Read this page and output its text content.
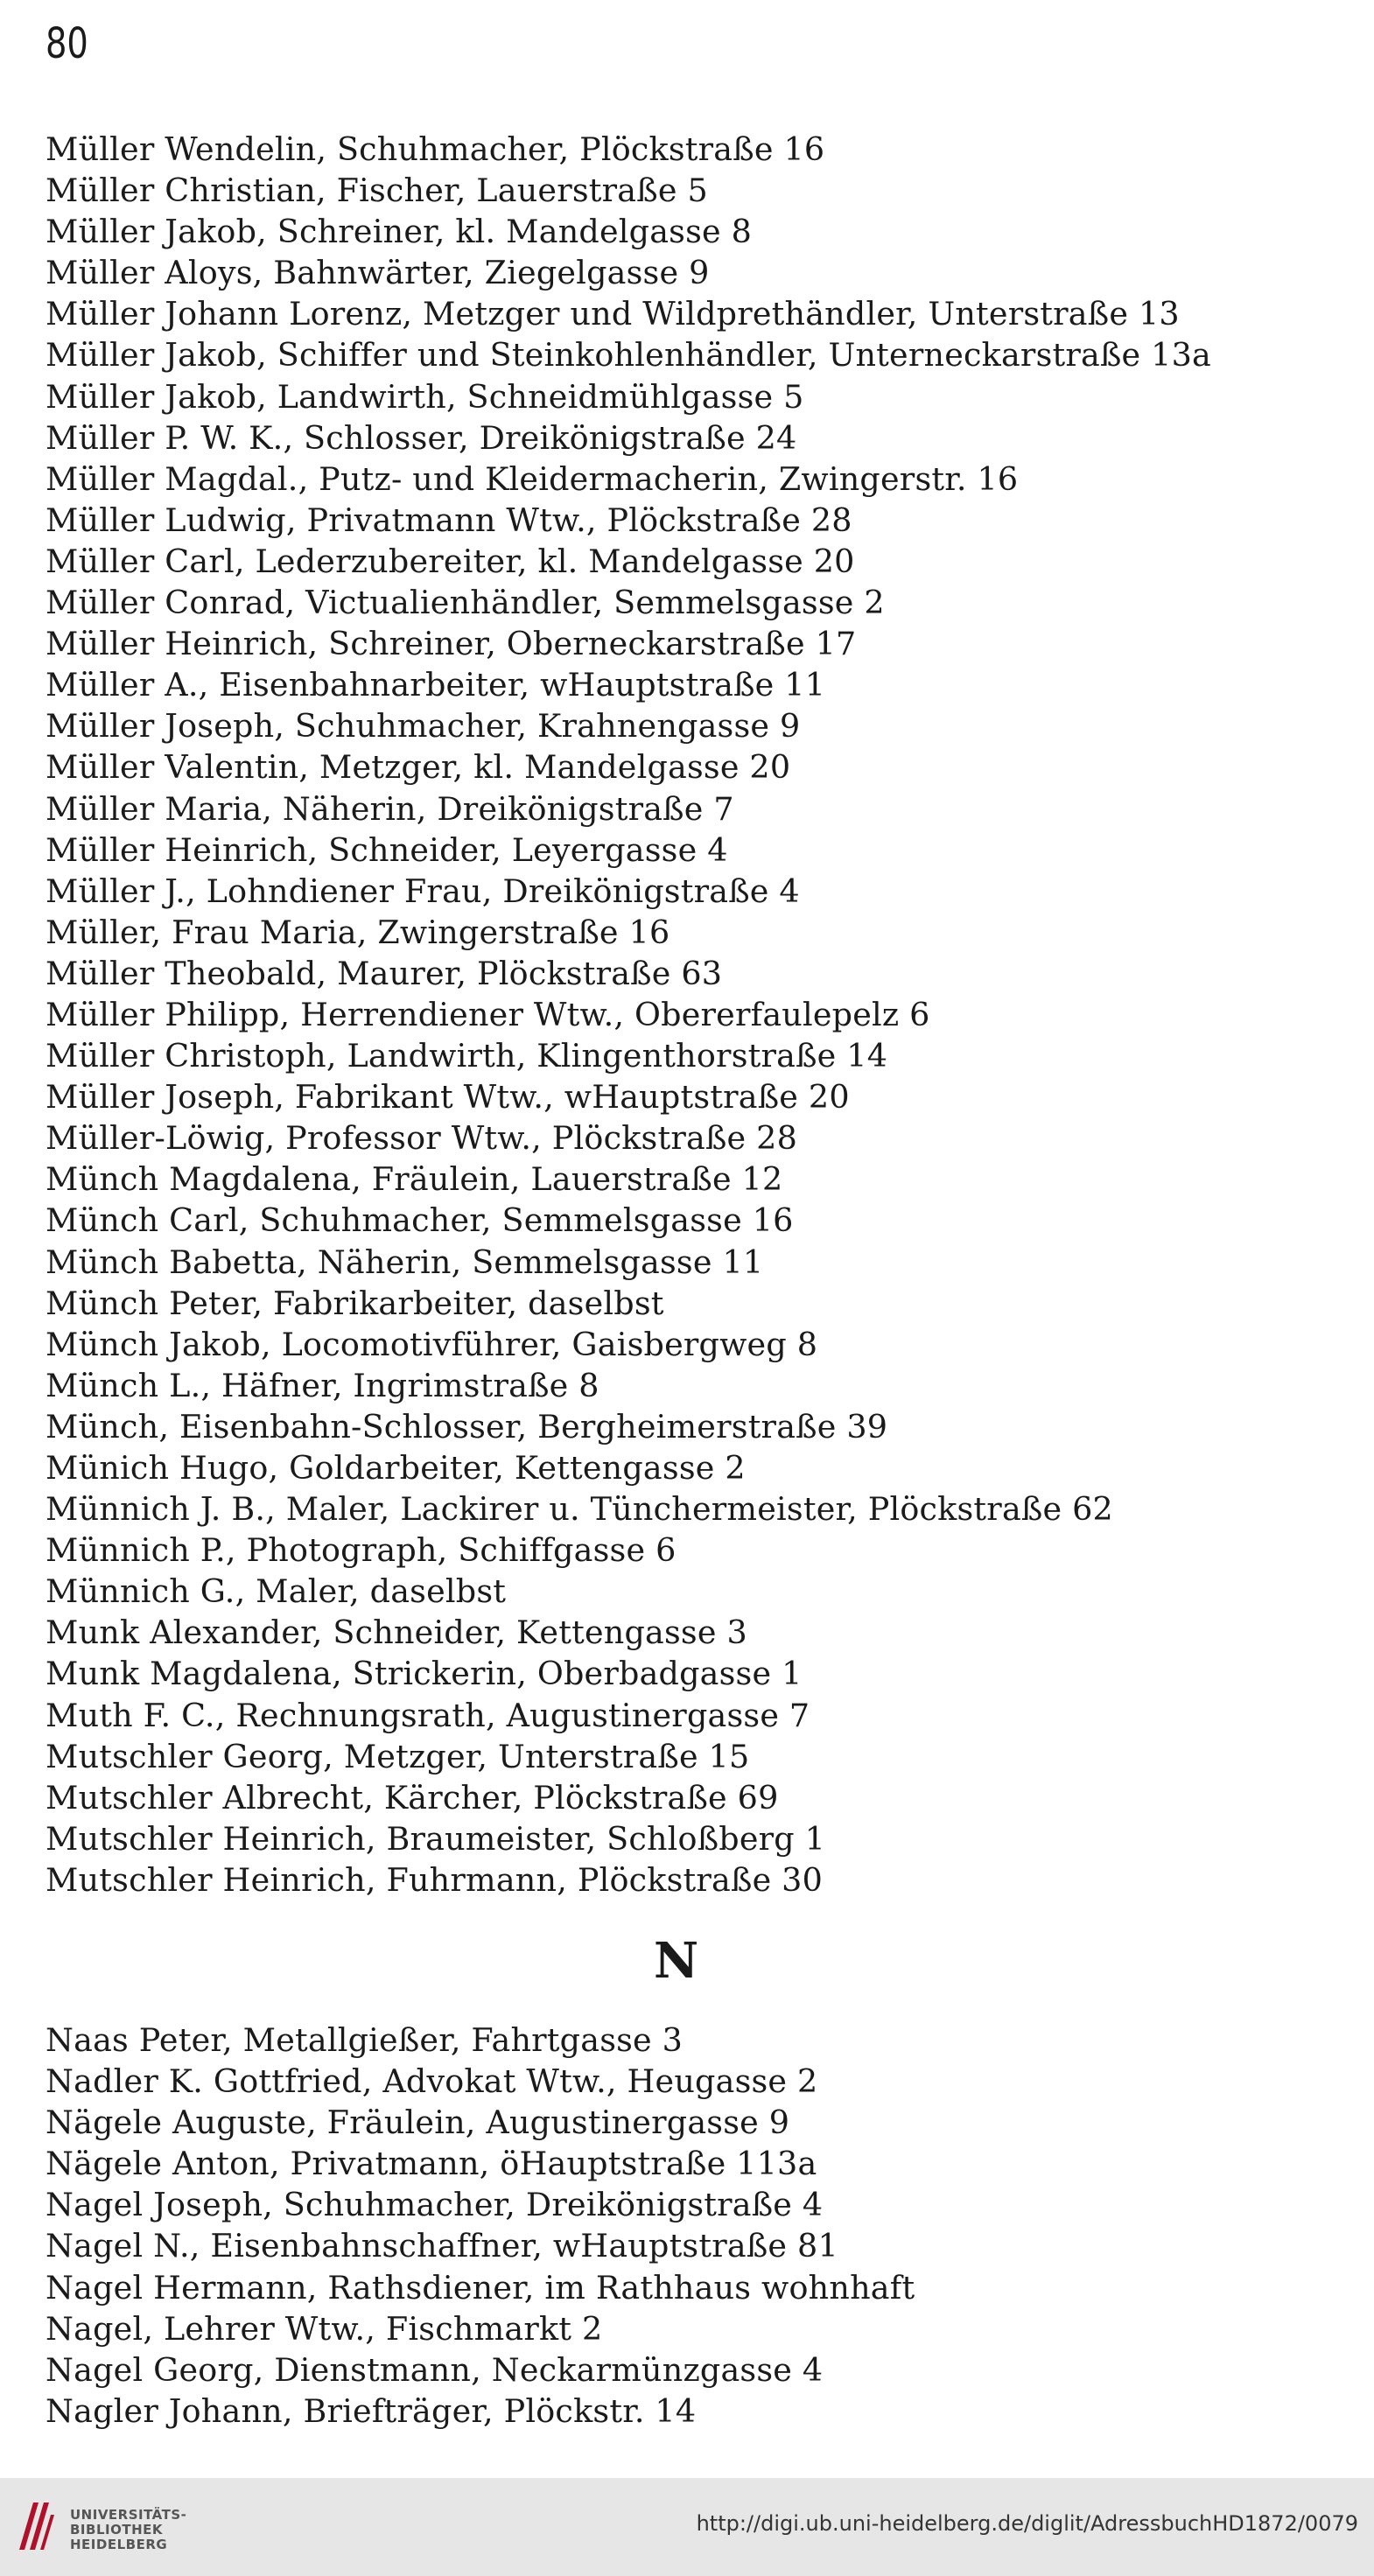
80
Müller Wendelin, Schuhmacher, Plöckstraße 16
Müller Christian, Fischer, Lauerstraße 5
Müller Jakob, Schreiner, kl. Mandelgasse 8
Müller Aloys, Bahnwärter, Ziegelgasse 9
Müller Johann Lorenz, Metzger und Wildprethändler, Unterstraße 13
Müller Jakob, Schiffer und Steinkohlenhändler, Unterneckarstraße 13a
Müller Jakob, Landwirth, Schneidmühlgasse 5
Müller P. W. K., Schlosser, Dreikönigstraße 24
Müller Magdal., Putz- und Kleidermacherin, Zwingerstr. 16
Müller Ludwig, Privatmann Wtw., Plöckstraße 28
Müller Carl, Lederzubereiter, kl. Mandelgasse 20
Müller Conrad, Victualienhändler, Semmelsgasse 2
Müller Heinrich, Schreiner, Oberneckarstraße 17
Müller A., Eisenbahnarbeiter, wHauptstraße 11
Müller Joseph, Schuhmacher, Krahnengasse 9
Müller Valentin, Metzger, kl. Mandelgasse 20
Müller Maria, Näherin, Dreikönigstraße 7
Müller Heinrich, Schneider, Leyergasse 4
Müller J., Lohndiener Frau, Dreikönigstraße 4
Müller, Frau Maria, Zwingerstraße 16
Müller Theobald, Maurer, Plöckstraße 63
Müller Philipp, Herrendiener Wtw., Obererfaulepelz 6
Müller Christoph, Landwirth, Klingenthorstraße 14
Müller Joseph, Fabrikant Wtw., wHauptstraße 20
Müller-Löwig, Professor Wtw., Plöckstraße 28
Münch Magdalena, Fräulein, Lauerstraße 12
Münch Carl, Schuhmacher, Semmelsgasse 16
Münch Babetta, Näherin, Semmelsgasse 11
Münch Peter, Fabrikarbeiter, daselbst
Münch Jakob, Locomotivführer, Gaisbergweg 8
Münch L., Häfner, Ingrimstraße 8
Münch, Eisenbahn-Schlosser, Bergheimerstraße 39
Münich Hugo, Goldarbeiter, Kettengasse 2
Münnich J. B., Maler, Lackirer u. Tünchermeister, Plöckstraße 62
Münnich P., Photograph, Schiffgasse 6
Münnich G., Maler, daselbst
Munk Alexander, Schneider, Kettengasse 3
Munk Magdalena, Strickerin, Oberbadgasse 1
Muth F. C., Rechnungsrath, Augustinergasse 7
Mutschler Georg, Metzger, Unterstraße 15
Mutschler Albrecht, Kärcher, Plöckstraße 69
Mutschler Heinrich, Braumeister, Schloßberg 1
Mutschler Heinrich, Fuhrmann, Plöckstraße 30
N
Naas Peter, Metallgießer, Fahrtgasse 3
Nadler K. Gottfried, Advokat Wtw., Heugasse 2
Nägele Auguste, Fräulein, Augustinergasse 9
Nägele Anton, Privatmann, öHauptstraße 113a
Nagel Joseph, Schuhmacher, Dreikönigstraße 4
Nagel N., Eisenbahnschaffner, wHauptstraße 81
Nagel Hermann, Rathsdiener, im Rathhaus wohnhaft
Nagel, Lehrer Wtw., Fischmarkt 2
Nagel Georg, Dienstmann, Neckarmünzgasse 4
Nagler Johann, Briefträger, Plöckstr. 14
UNIVERSITÄTS-
BIBLIOTHEK
HEIDELBERG
http://digi.ub.uni-heidelberg.de/diglit/AdressbuchHD1872/0079
